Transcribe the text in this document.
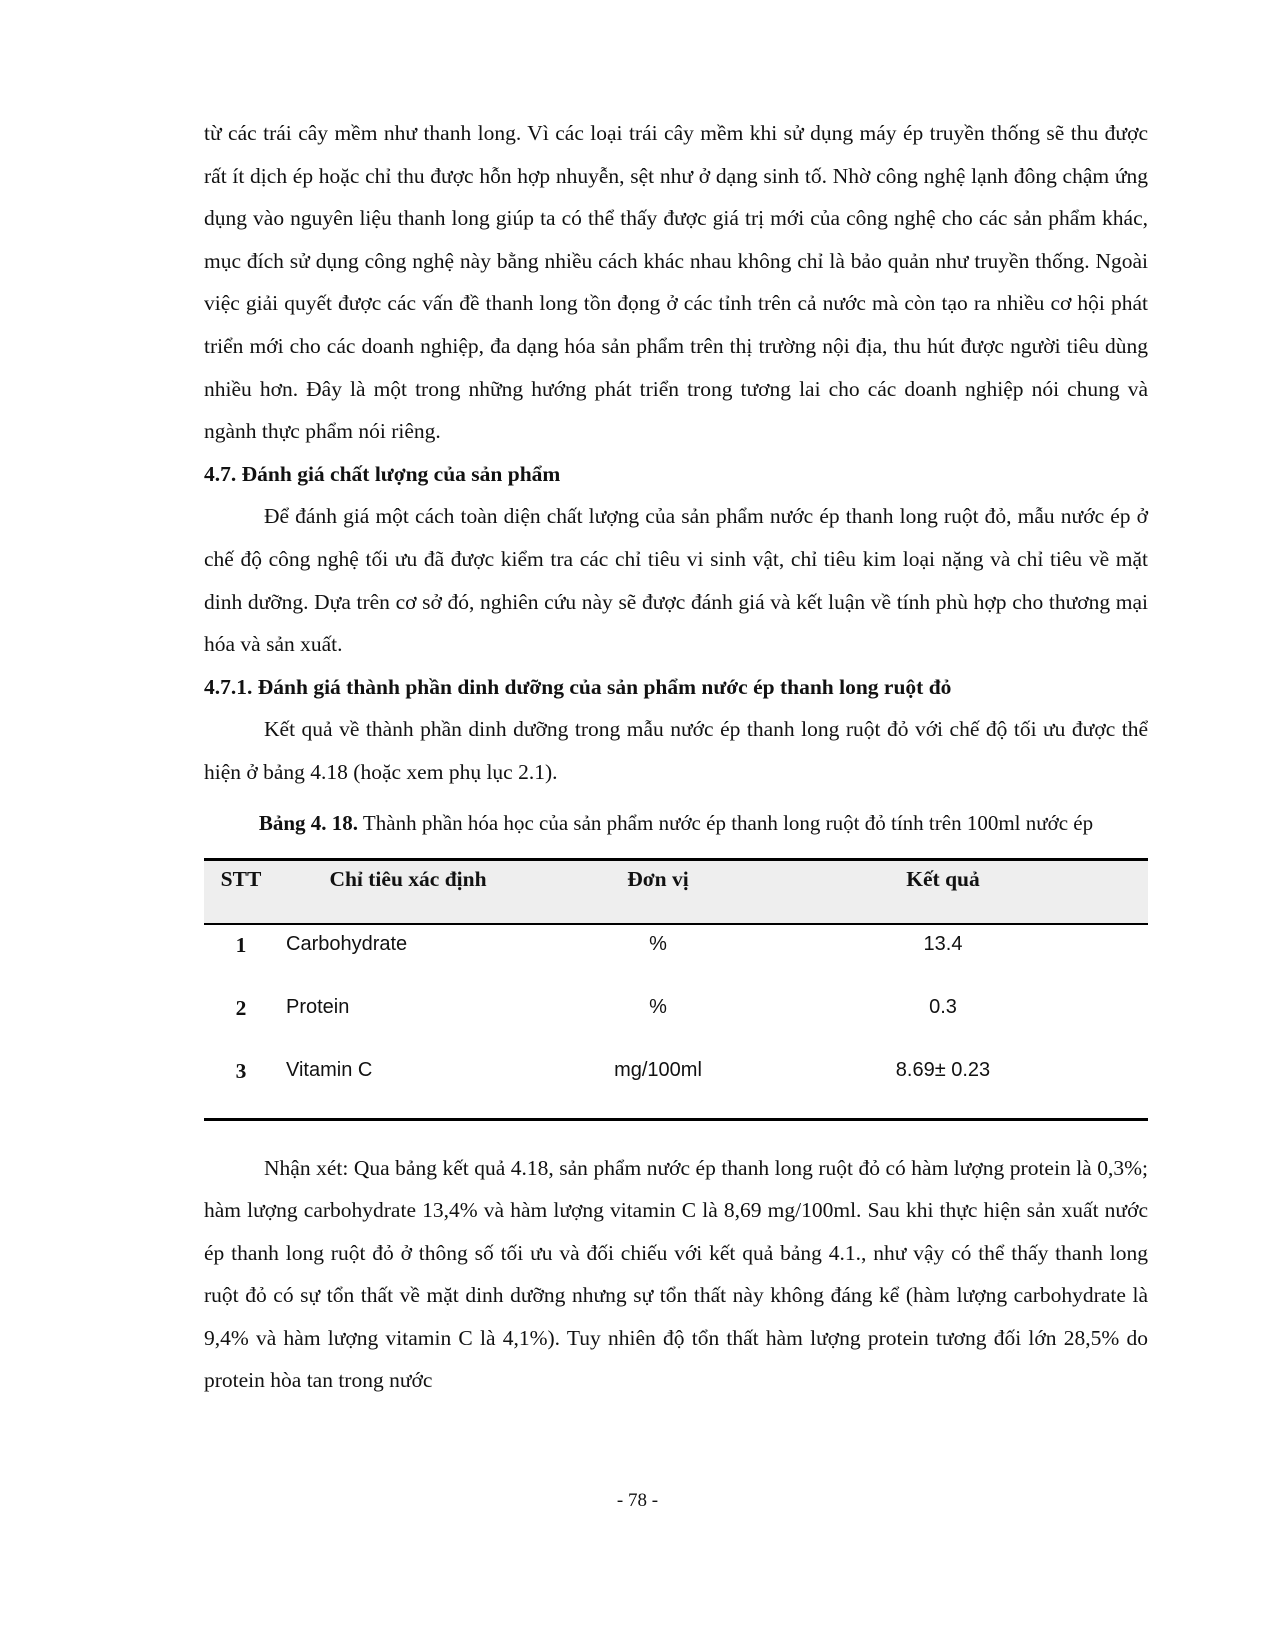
từ các trái cây mềm như thanh long. Vì các loại trái cây mềm khi sử dụng máy ép truyền thống sẽ thu được rất ít dịch ép hoặc chỉ thu được hỗn hợp nhuyễn, sệt như ở dạng sinh tố. Nhờ công nghệ lạnh đông chậm ứng dụng vào nguyên liệu thanh long giúp ta có thể thấy được giá trị mới của công nghệ cho các sản phẩm khác, mục đích sử dụng công nghệ này bằng nhiều cách khác nhau không chỉ là bảo quản như truyền thống. Ngoài việc giải quyết được các vấn đề thanh long tồn đọng ở các tỉnh trên cả nước mà còn tạo ra nhiều cơ hội phát triển mới cho các doanh nghiệp, đa dạng hóa sản phẩm trên thị trường nội địa, thu hút được người tiêu dùng nhiều hơn. Đây là một trong những hướng phát triển trong tương lai cho các doanh nghiệp nói chung và ngành thực phẩm nói riêng.

4.7. Đánh giá chất lượng của sản phẩm

Để đánh giá một cách toàn diện chất lượng của sản phẩm nước ép thanh long ruột đỏ, mẫu nước ép ở chế độ công nghệ tối ưu đã được kiểm tra các chỉ tiêu vi sinh vật, chỉ tiêu kim loại nặng và chỉ tiêu về mặt dinh dưỡng. Dựa trên cơ sở đó, nghiên cứu này sẽ được đánh giá và kết luận về tính phù hợp cho thương mại hóa và sản xuất.

4.7.1. Đánh giá thành phần dinh dưỡng của sản phẩm nước ép thanh long ruột đỏ

Kết quả về thành phần dinh dưỡng trong mẫu nước ép thanh long ruột đỏ với chế độ tối ưu được thể hiện ở bảng 4.18 (hoặc xem phụ lục 2.1).

Bảng 4. 18. Thành phần hóa học của sản phẩm nước ép thanh long ruột đỏ tính trên 100ml nước ép

STT	Chỉ tiêu xác định	Đơn vị	Kết quả
1	Carbohydrate	%	13.4
2	Protein	%	0.3
3	Vitamin C	mg/100ml	8.69± 0.23

Nhận xét: Qua bảng kết quả 4.18, sản phẩm nước ép thanh long ruột đỏ có hàm lượng protein là 0,3%; hàm lượng carbohydrate 13,4% và hàm lượng vitamin C là 8,69 mg/100ml. Sau khi thực hiện sản xuất nước ép thanh long ruột đỏ ở thông số tối ưu và đối chiếu với kết quả bảng 4.1., như vậy có thể thấy thanh long ruột đỏ có sự tổn thất về mặt dinh dưỡng nhưng sự tổn thất này không đáng kể (hàm lượng carbohydrate là 9,4% và hàm lượng vitamin C là 4,1%). Tuy nhiên độ tổn thất hàm lượng protein tương đối lớn 28,5% do protein hòa tan trong nước

- 78 -
